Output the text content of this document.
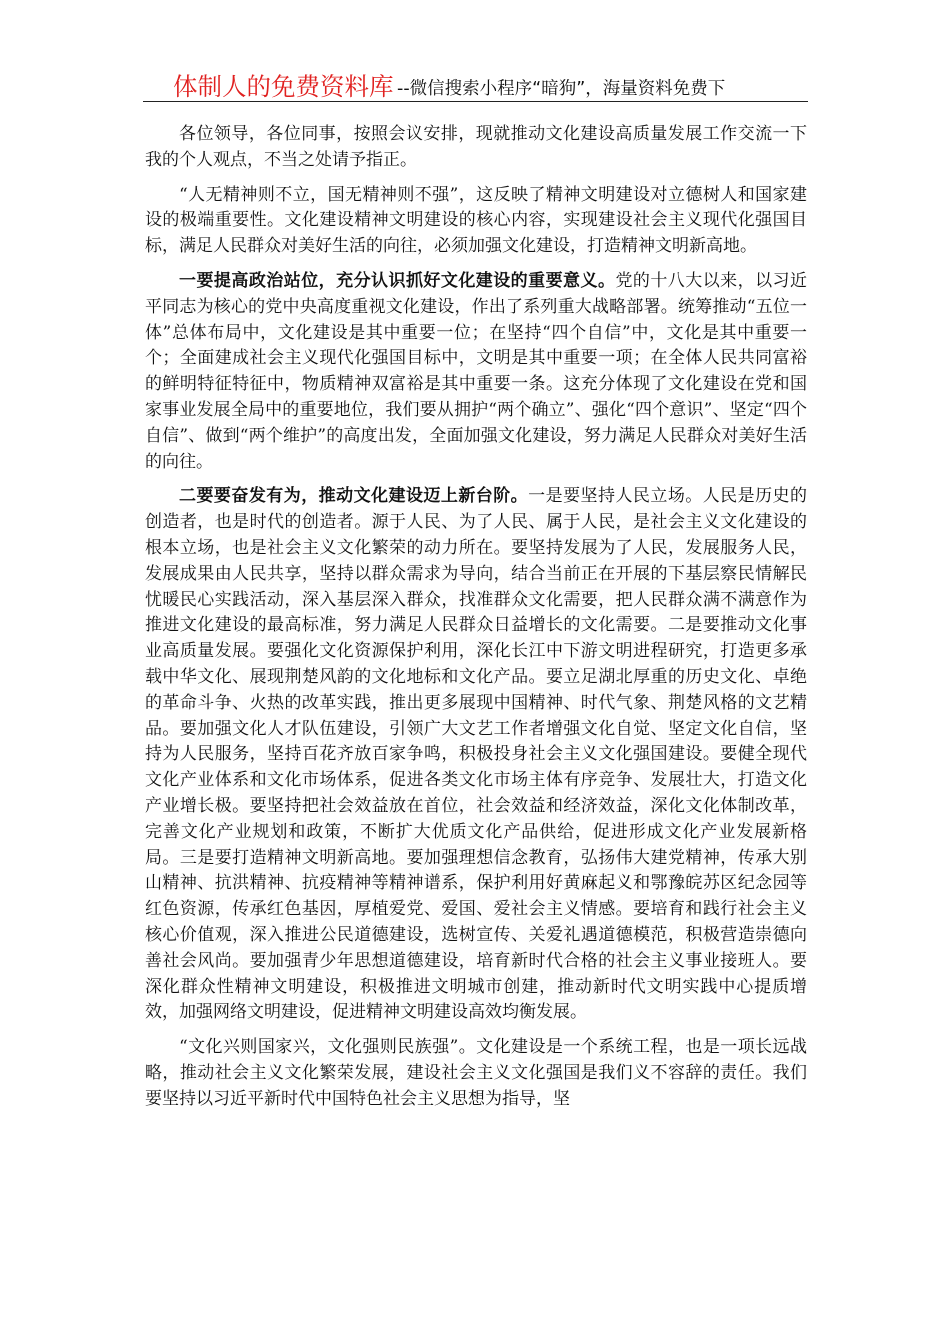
体制人的免费资料库 --微信搜索小程序“暗狗”，海量资料免费下

各位领导，各位同事，按照会议安排，现就推动文化建设高质量发展工作交流一下我的个人观点，不当之处请予指正。

“人无精神则不立，国无精神则不强”，这反映了精神文明建设对立德树人和国家建设的极端重要性。文化建设精神文明建设的核心内容，实现建设社会主义现代化强国目标，满足人民群众对美好生活的向往，必须加强文化建设，打造精神文明新高地。

一要提高政治站位，充分认识抓好文化建设的重要意义。党的十八大以来，以习近平同志为核心的党中央高度重视文化建设，作出了系列重大战略部署。统筹推动“五位一体”总体布局中，文化建设是其中重要一位；在坚持“四个自信”中，文化是其中重要一个；全面建成社会主义现代化强国目标中，文明是其中重要一项；在全体人民共同富裕的鲜明特征特征中，物质精神双富裕是其中重要一条。这充分体现了文化建设在党和国家事业发展全局中的重要地位，我们要从拥护“两个确立”、强化“四个意识”、坚定“四个自信”、做到“两个维护”的高度出发，全面加强文化建设，努力满足人民群众对美好生活的向往。

二要要奋发有为，推动文化建设迈上新台阶。一是要坚持人民立场。人民是历史的创造者，也是时代的创造者。源于人民、为了人民、属于人民，是社会主义文化建设的根本立场，也是社会主义文化繁荣的动力所在。要坚持发展为了人民，发展服务人民，发展成果由人民共享，坚持以群众需求为导向，结合当前正在开展的下基层察民情解民忧暖民心实践活动，深入基层深入群众，找准群众文化需要，把人民群众满不满意作为推进文化建设的最高标准，努力满足人民群众日益增长的文化需要。二是要推动文化事业高质量发展。要强化文化资源保护利用，深化长江中下游文明进程研究，打造更多承载中华文化、展现荆楚风韵的文化地标和文化产品。要立足湖北厚重的历史文化、卓绝的革命斗争、火热的改革实践，推出更多展现中国精神、时代气象、荆楚风格的文艺精品。要加强文化人才队伍建设，引领广大文艺工作者增强文化自觉、坚定文化自信，坚持为人民服务，坚持百花齐放百家争鸣，积极投身社会主义文化强国建设。要健全现代文化产业体系和文化市场体系，促进各类文化市场主体有序竞争、发展壮大，打造文化产业增长极。要坚持把社会效益放在首位，社会效益和经济效益，深化文化体制改革，完善文化产业规划和政策，不断扩大优质文化产品供给，促进形成文化产业发展新格局。三是要打造精神文明新高地。要加强理想信念教育，弘扬伟大建党精神，传承大别山精神、抗洪精神、抗疫精神等精神谱系，保护利用好黄麻起义和鄂豫皖苏区纪念园等红色资源，传承红色基因，厚植爱党、爱国、爱社会主义情感。要培育和践行社会主义核心价值观，深入推进公民道德建设，选树宣传、关爱礼遇道德模范，积极营造崇德向善社会风尚。要加强青少年思想道德建设，培育新时代合格的社会主义事业接班人。要深化群众性精神文明建设，积极推进文明城市创建，推动新时代文明实践中心提质增效，加强网络文明建设，促进精神文明建设高效均衡发展。

“文化兴则国家兴，文化强则民族强”。文化建设是一个系统工程，也是一项长远战略，推动社会主义文化繁荣发展，建设社会主义文化强国是我们义不容辞的责任。我们要坚持以习近平新时代中国特色社会主义思想为指导，坚
